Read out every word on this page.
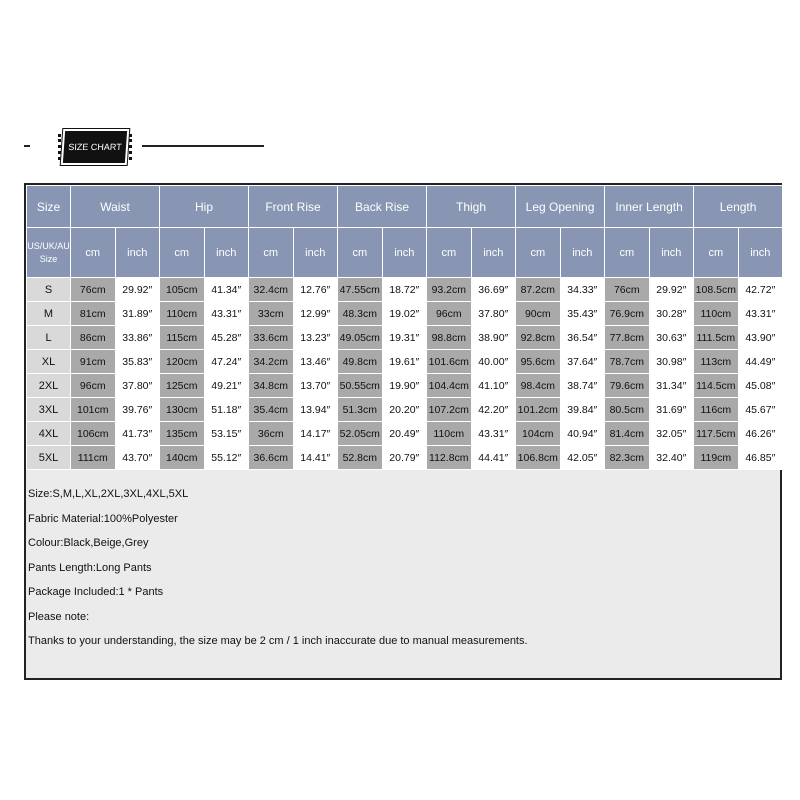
SIZE CHART
Size	Waist		Hip		Front Rise		Back Rise		Thigh		Leg Opening		Inner Length		Length	
US/UK/AU Size	cm	inch	cm	inch	cm	inch	cm	inch	cm	inch	cm	inch	cm	inch	cm	inch
S	76cm	29.92″	105cm	41.34″	32.4cm	12.76″	47.55cm	18.72″	93.2cm	36.69″	87.2cm	34.33″	76cm	29.92″	108.5cm	42.72″
M	81cm	31.89″	110cm	43.31″	33cm	12.99″	48.3cm	19.02″	96cm	37.80″	90cm	35.43″	76.9cm	30.28″	110cm	43.31″
L	86cm	33.86″	115cm	45.28″	33.6cm	13.23″	49.05cm	19.31″	98.8cm	38.90″	92.8cm	36.54″	77.8cm	30.63″	111.5cm	43.90″
XL	91cm	35.83″	120cm	47.24″	34.2cm	13.46″	49.8cm	19.61″	101.6cm	40.00″	95.6cm	37.64″	78.7cm	30.98″	113cm	44.49″
2XL	96cm	37.80″	125cm	49.21″	34.8cm	13.70″	50.55cm	19.90″	104.4cm	41.10″	98.4cm	38.74″	79.6cm	31.34″	114.5cm	45.08″
3XL	101cm	39.76″	130cm	51.18″	35.4cm	13.94″	51.3cm	20.20″	107.2cm	42.20″	101.2cm	39.84″	80.5cm	31.69″	116cm	45.67″
4XL	106cm	41.73″	135cm	53.15″	36cm	14.17″	52.05cm	20.49″	110cm	43.31″	104cm	40.94″	81.4cm	32.05″	117.5cm	46.26″
5XL	111cm	43.70″	140cm	55.12″	36.6cm	14.41″	52.8cm	20.79″	112.8cm	44.41″	106.8cm	42.05″	82.3cm	32.40″	119cm	46.85″
Size:S,M,L,XL,2XL,3XL,4XL,5XL
Fabric Material:100%Polyester
Colour:Black,Beige,Grey
Pants Length:Long Pants
Package Included:1 * Pants
Please note:
Thanks to your understanding, the size may be 2 cm / 1 inch inaccurate due to manual measurements.
